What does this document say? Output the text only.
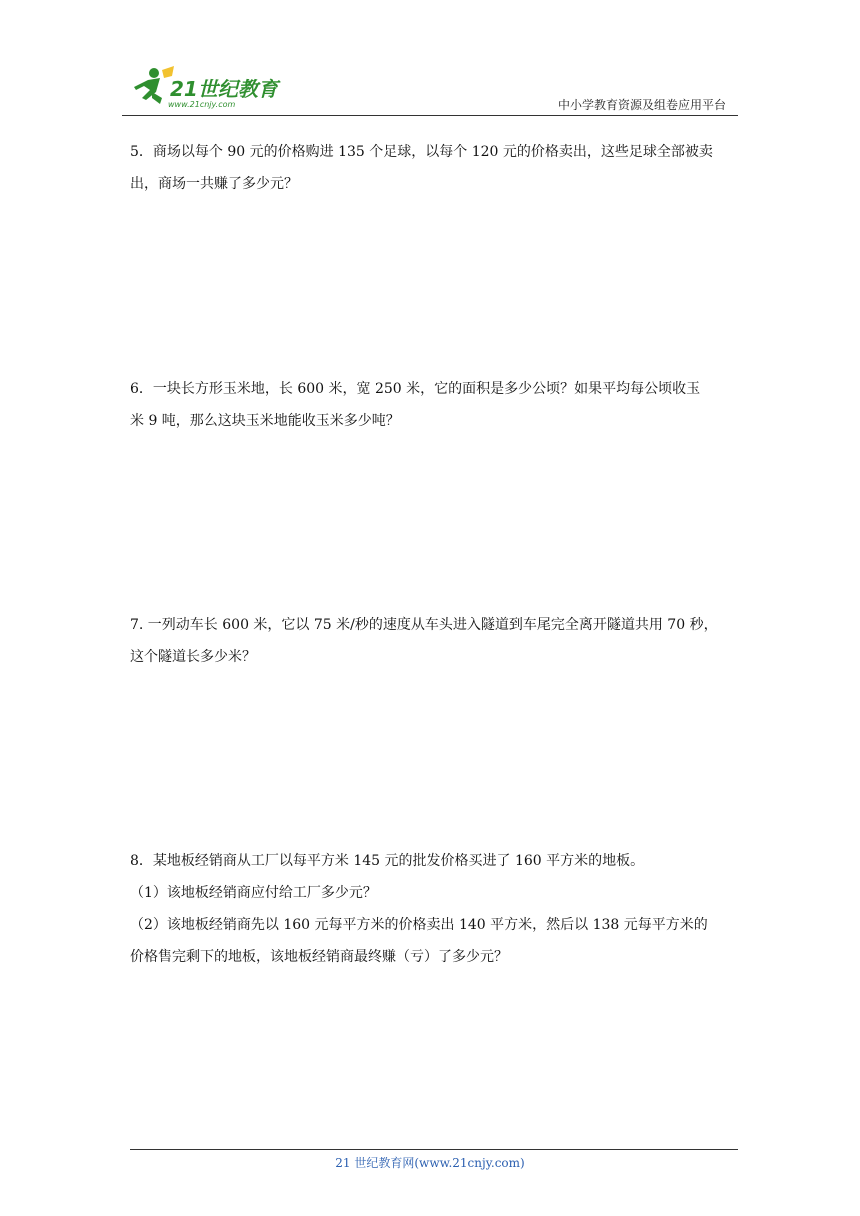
21世纪教育
www.21cnjy.com	中小学教育资源及组卷应用平台
5．商场以每个 90 元的价格购进 135 个足球，以每个 120 元的价格卖出，这些足球全部被卖
出，商场一共赚了多少元？
6．一块长方形玉米地，长 600 米，宽 250 米，它的面积是多少公顷？如果平均每公顷收玉
米 9 吨，那么这块玉米地能收玉米多少吨？
7. 一列动车长 600 米，它以 75 米/秒的速度从车头进入隧道到车尾完全离开隧道共用 70 秒，
这个隧道长多少米？
8．某地板经销商从工厂以每平方米 145 元的批发价格买进了 160 平方米的地板。
（1）该地板经销商应付给工厂多少元？
（2）该地板经销商先以 160 元每平方米的价格卖出 140 平方米，然后以 138 元每平方米的
价格售完剩下的地板，该地板经销商最终赚（亏）了多少元？
21 世纪教育网(www.21cnjy.com)
